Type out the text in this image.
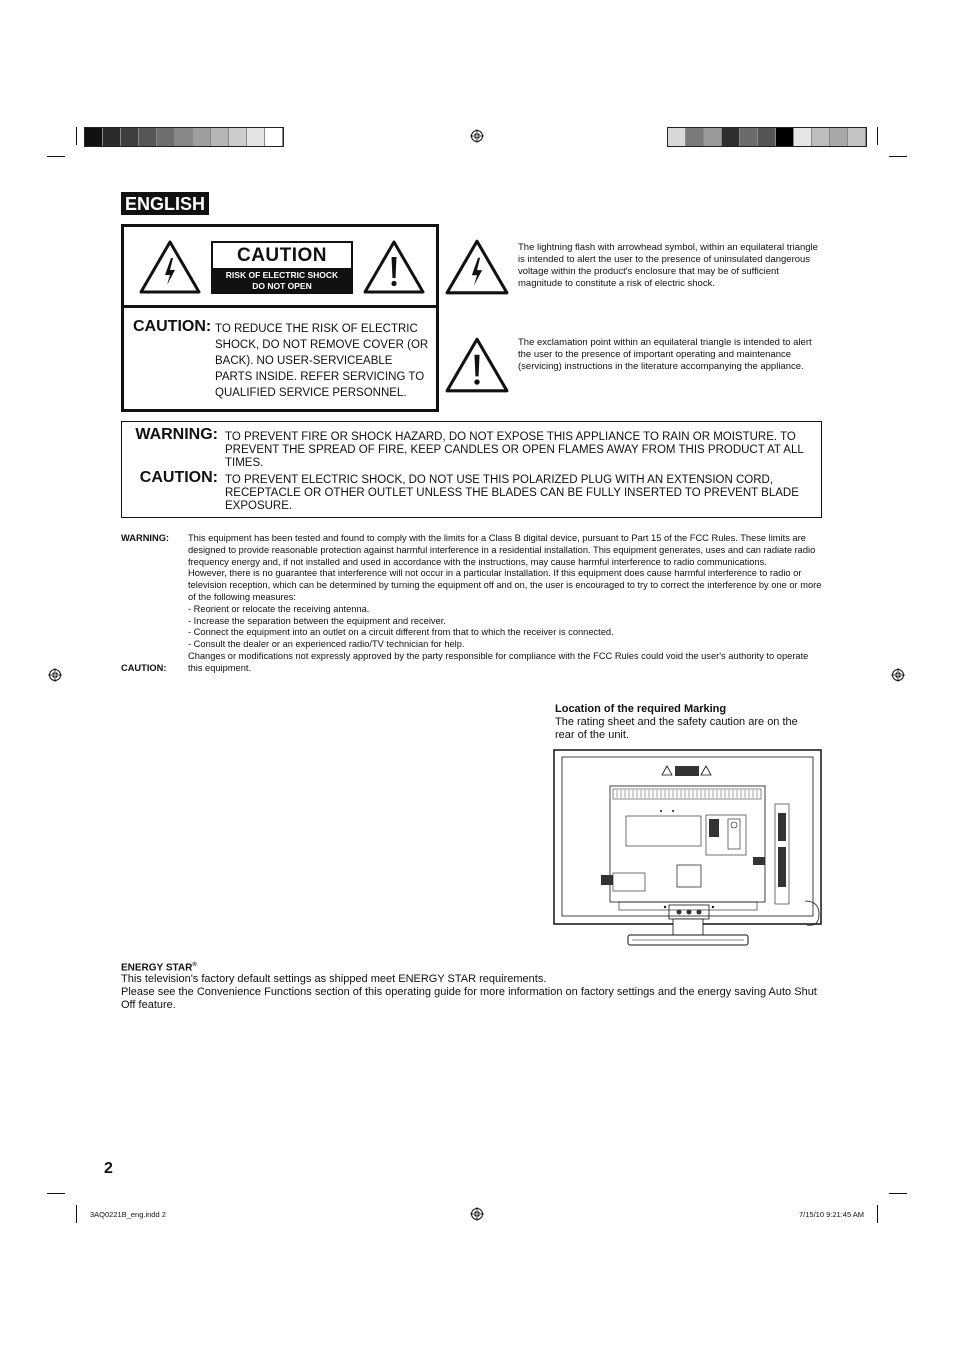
ENGLISH
CAUTION
RISK OF ELECTRIC SHOCK
DO NOT OPEN
CAUTION: TO REDUCE THE RISK OF ELECTRIC SHOCK, DO NOT REMOVE COVER (OR BACK). NO USER-SERVICEABLE PARTS INSIDE. REFER SERVICING TO QUALIFIED SERVICE PERSONNEL.
The lightning flash with arrowhead symbol, within an equilateral triangle is intended to alert the user to the presence of uninsulated dangerous voltage within the product's enclosure that may be of sufficient magnitude to constitute a risk of electric shock.
The exclamation point within an equilateral triangle is intended to alert the user to the presence of important operating and maintenance (servicing) instructions in the literature accompanying the appliance.
WARNING: TO PREVENT FIRE OR SHOCK HAZARD, DO NOT EXPOSE THIS APPLIANCE TO RAIN OR MOISTURE. TO PREVENT THE SPREAD OF FIRE, KEEP CANDLES OR OPEN FLAMES AWAY FROM THIS PRODUCT AT ALL TIMES.
CAUTION: TO PREVENT ELECTRIC SHOCK, DO NOT USE THIS POLARIZED PLUG WITH AN EXTENSION CORD, RECEPTACLE OR OTHER OUTLET UNLESS THE BLADES CAN BE FULLY INSERTED TO PREVENT BLADE EXPOSURE.
WARNING: This equipment has been tested and found to comply with the limits for a Class B digital device, pursuant to Part 15 of the FCC Rules. These limits are designed to provide reasonable protection against harmful interference in a residential installation. This equipment generates, uses and can radiate radio frequency energy and, if not installed and used in accordance with the instructions, may cause harmful interference to radio communications.
However, there is no guarantee that interference will not occur in a particular installation. If this equipment does cause harmful interference to radio or television reception, which can be determined by turning the equipment off and on, the user is encouraged to try to correct the interference by one or more of the following measures:
- Reorient or relocate the receiving antenna.
- Increase the separation between the equipment and receiver.
- Connect the equipment into an outlet on a circuit different from that to which the receiver is connected.
- Consult the dealer or an experienced radio/TV technician for help.
Changes or modifications not expressly approved by the party responsible for compliance with the FCC Rules could void the user's authority to operate this equipment.
CAUTION:
Location of the required Marking
The rating sheet and the safety caution are on the rear of the unit.
ENERGY STAR®
This television's factory default settings as shipped meet ENERGY STAR requirements.
Please see the Convenience Functions section of this operating guide for more information on factory settings and the energy saving Auto Shut Off feature.
2
3AQ0221B_eng.indd 2	7/15/10 9:21:45 AM
